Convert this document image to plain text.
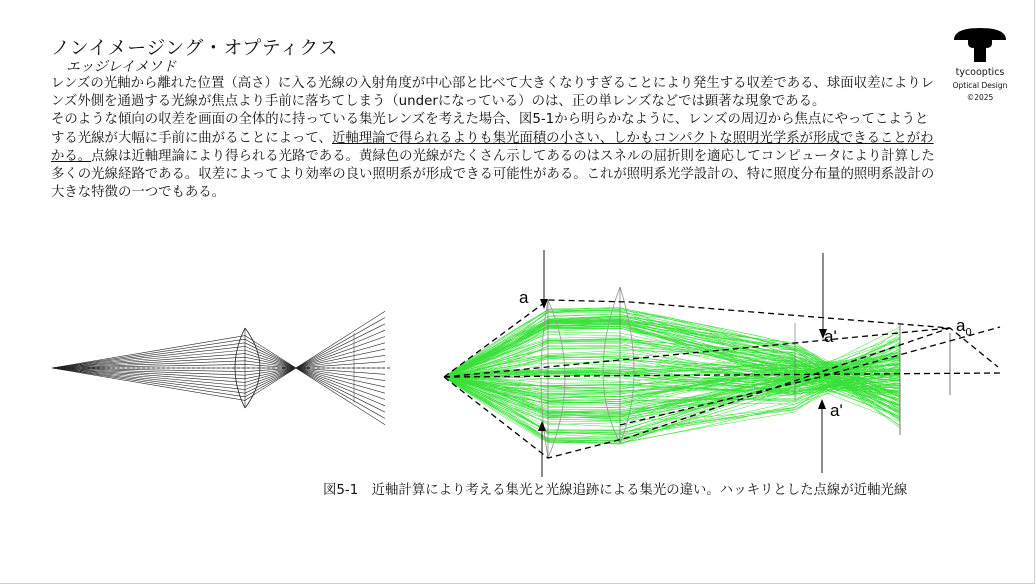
ノンイメージング・オプティクス
エッジレイメソド

レンズの光軸から離れた位置（高さ）に入る光線の入射角度が中心部と比べて大きくなりすぎることにより発生する収差である、球面収差によりレンズ外側を通過する光線が焦点より手前に落ちてしまう（underになっている）のは、正の単レンズなどでは顕著な現象である。

そのような傾向の収差を画面の全体的に持っている集光レンズを考えた場合、図5-1から明らかなように、レンズの周辺から焦点にやってこようとする光線が大幅に手前に曲がることによって、近軸理論で得られるよりも集光面積の小さい、しかもコンパクトな照明光学系が形成できることがわかる。点線は近軸理論により得られる光路である。黄緑色の光線がたくさん示してあるのはスネルの屈折則を適応してコンピュータにより計算した多くの光線経路である。収差によってより効率の良い照明系が形成できる可能性がある。これが照明系光学設計の、特に照度分布量的照明系設計の大きな特徴の一つでもある。

tycooptics
Optical Design
©2025
a
a'
a'
$a_0$
図5-1　近軸計算により考える集光と光線追跡による集光の違い。ハッキリとした点線が近軸光線
